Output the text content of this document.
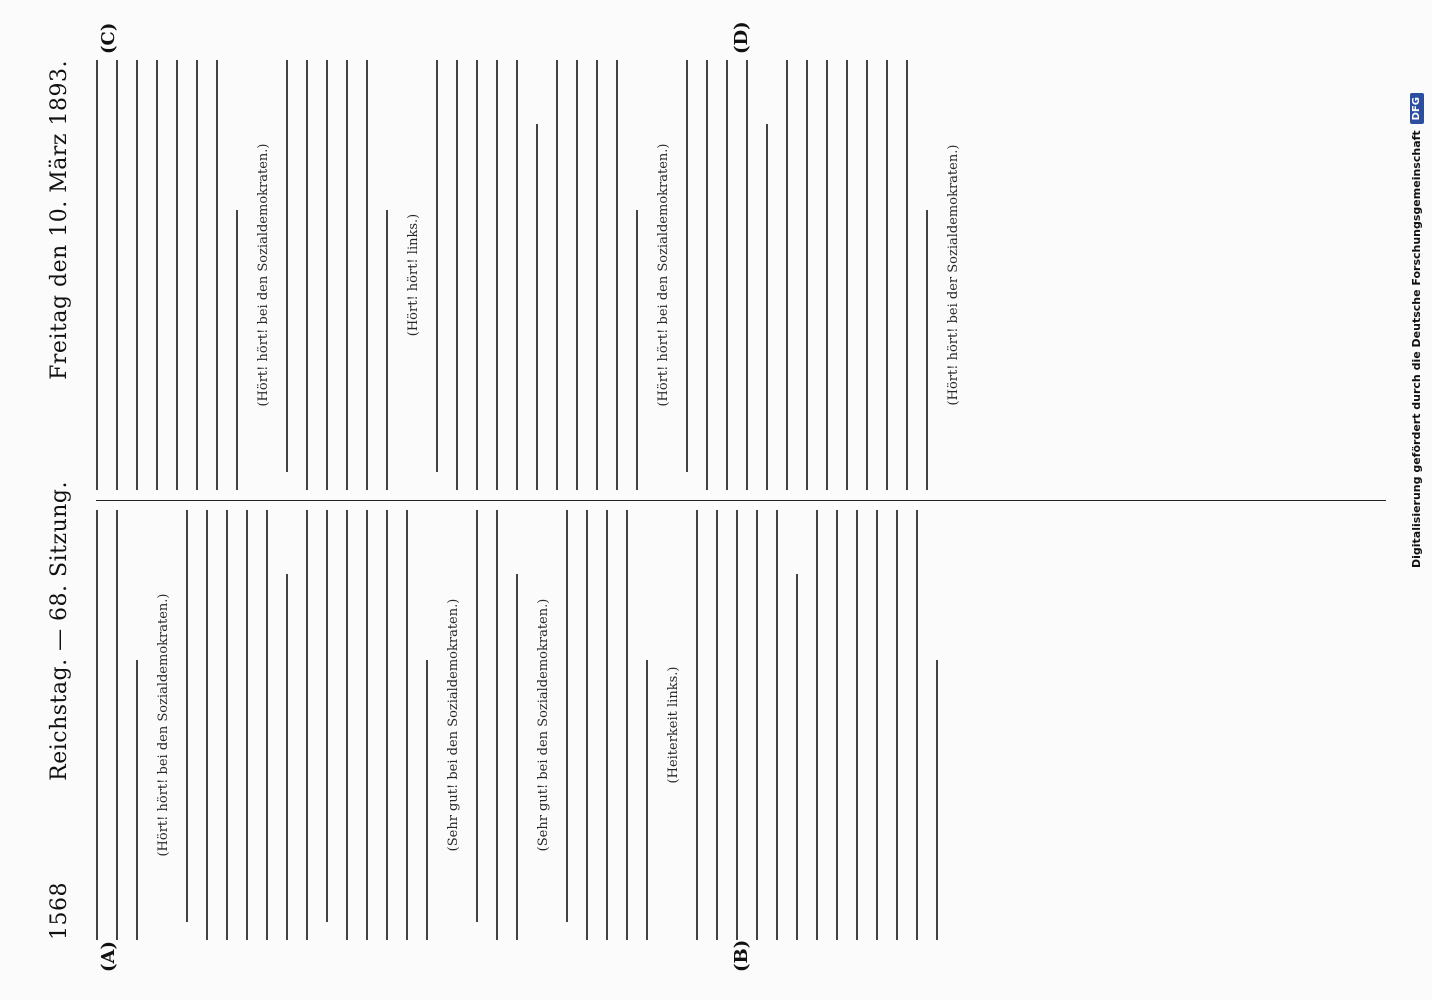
1568
Reichstag. — 68. Sitzung.
Freitag den 10. März 1893.
(A)	(B)
(C)	(D)
(Hört! hört! bei den Sozialdemokraten.)	(Sehr gut! bei den Sozialdemokraten.)	(Sehr gut! bei den Sozialdemokraten.)	(Heiterkeit links.)
(Hört! hört! bei den Sozialdemokraten.)	(Hört! hört! links.)	(Hört! hört! bei den Sozialdemokraten.)	(Hört! hört! bei der Sozialdemokraten.)	Digitalisierung gefördert durch die Deutsche Forschungsgemeinschaft
DFG
